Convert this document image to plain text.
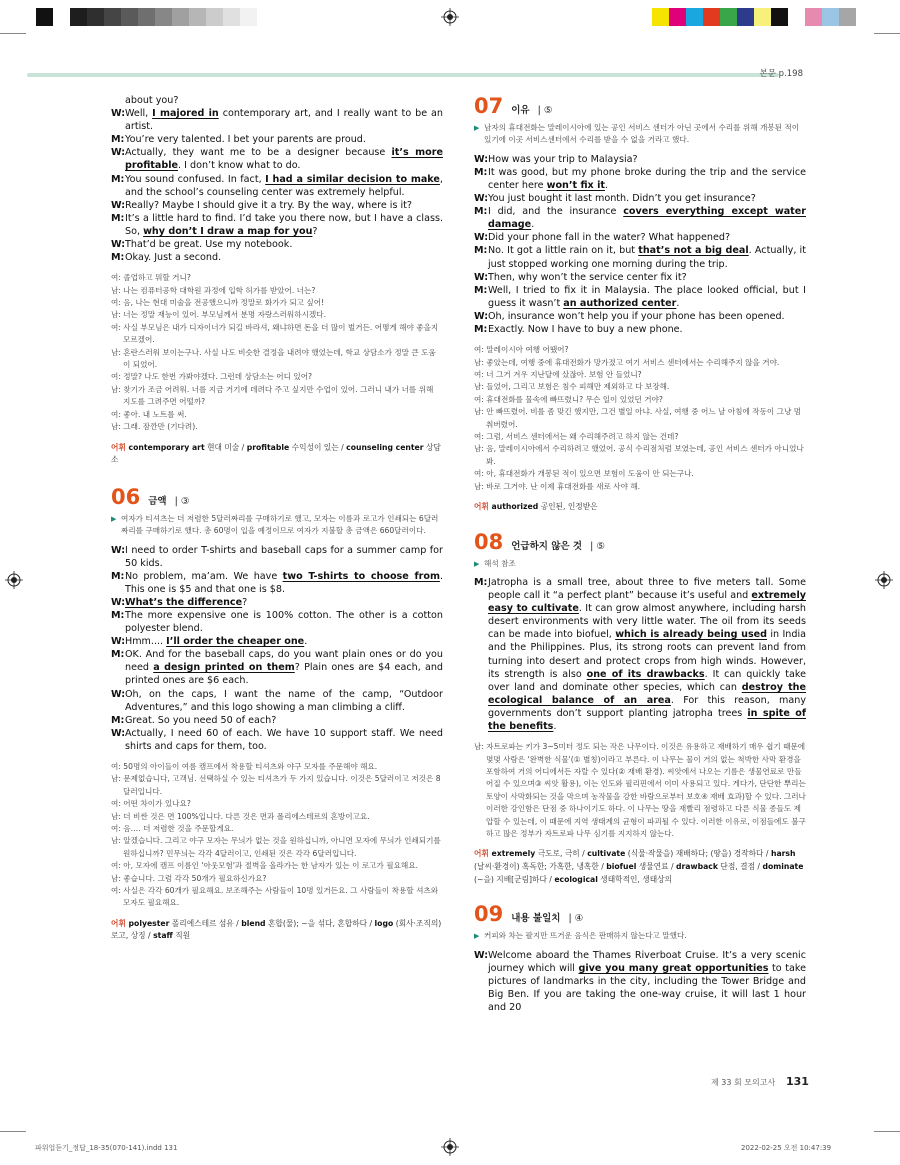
본문 p.198
about you?
W: Well, I majored in contemporary art, and I really want to be an artist.
M: You’re very talented. I bet your parents are proud.
W: Actually, they want me to be a designer because it’s more profitable. I don’t know what to do.
M: You sound confused. In fact, I had a similar decision to make, and the school’s counseling center was extremely helpful.
W: Really? Maybe I should give it a try. By the way, where is it?
M: It’s a little hard to find. I’d take you there now, but I have a class. So, why don’t I draw a map for you?
W: That’d be great. Use my notebook.
M: Okay. Just a second.
여: 졸업하고 뭐할 거니?
남: 나는 컴퓨터공학 대학원 과정에 입학 허가를 받았어. 너는?
여: 음, 나는 현대 미술을 전공했으니까 정말로 화가가 되고 싶어!
남: 너는 정말 재능이 있어. 부모님께서 분명 자랑스러워하시겠다.
여: 사실 부모님은 내가 디자이너가 되길 바라셔, 왜냐하면 돈을 더 많이 벌거든. 어떻게 해야 좋을지 모르겠어.
남: 혼란스러워 보이는구나. 사실 나도 비슷한 결정을 내려야 했었는데, 학교 상담소가 정말 큰 도움이 되었어.
여: 정말? 나도 한번 가봐야겠다. 그런데 상담소는 어디 있어?
남: 찾기가 조금 어려워. 너를 지금 거기에 데려다 주고 싶지만 수업이 있어. 그러니 내가 너를 위해 지도를 그려주면 어떨까?
여: 좋아. 내 노트를 써.
남: 그래. 잠깐만 (기다려).
어휘 contemporary art 현대 미술 / profitable 수익성이 있는 / counseling center 상담소
06 금액 | ③
▶ 여자가 티셔츠는 더 저렴한 5달러짜리를 구매하기로 했고, 모자는 이름과 로고가 인쇄되는 6달러짜리를 구매하기로 했다. 총 60명이 입을 예정이므로 여자가 지불할 총 금액은 660달러이다.
W: I need to order T-shirts and baseball caps for a summer camp for 50 kids.
M: No problem, ma’am. We have two T-shirts to choose from. This one is $5 and that one is $8.
W: What’s the difference?
M: The more expensive one is 100% cotton. The other is a cotton polyester blend.
W: Hmm.... I’ll order the cheaper one.
M: OK. And for the baseball caps, do you want plain ones or do you need a design printed on them? Plain ones are $4 each, and printed ones are $6 each.
W: Oh, on the caps, I want the name of the camp, “Outdoor Adventures,” and this logo showing a man climbing a cliff.
M: Great. So you need 50 of each?
W: Actually, I need 60 of each. We have 10 support staff. We need shirts and caps for them, too.
여: 50명의 아이들이 여름 캠프에서 착용할 티셔츠와 야구 모자를 주문해야 해요.
남: 문제없습니다, 고객님. 선택하실 수 있는 티셔츠가 두 가지 있습니다. 이것은 5달러이고 저것은 8달러입니다.
여: 어떤 차이가 있나요?
남: 더 비싼 것은 면 100%입니다. 다른 것은 면과 폴리에스테르의 혼방이고요.
여: 음…. 더 저렴한 것을 주문할게요.
남: 알겠습니다. 그리고 야구 모자는 무늬가 없는 것을 원하십니까, 아니면 모자에 무늬가 인쇄되기를 원하십니까? 민무늬는 각각 4달러이고, 인쇄된 것은 각각 6달러입니다.
여: 아, 모자에 캠프 이름인 '아웃모험'과 절벽을 올라가는 한 남자가 있는 이 로고가 필요해요.
남: 좋습니다. 그럼 각각 50개가 필요하신가요?
여: 사실은 각각 60개가 필요해요. 보조해주는 사람들이 10명 있거든요. 그 사람들이 착용할 셔츠와 모자도 필요해요.
어휘 polyester 폴리에스테르 섬유 / blend 혼합(물); ~을 섞다, 혼합하다 / logo (회사·조직의) 로고, 상징 / staff 직원
07 이유 | ⑤
▶ 남자의 휴대전화는 말레이시아에 있는 공인 서비스 센터가 아닌 곳에서 수리를 위해 개봉된 적이 있기에 이곳 서비스센터에서 수리를 받을 수 없을 거라고 했다.
W: How was your trip to Malaysia?
M: It was good, but my phone broke during the trip and the service center here won’t fix it.
W: You just bought it last month. Didn’t you get insurance?
M: I did, and the insurance covers everything except water damage.
W: Did your phone fall in the water? What happened?
M: No. It got a little rain on it, but that’s not a big deal. Actually, it just stopped working one morning during the trip.
W: Then, why won’t the service center fix it?
M: Well, I tried to fix it in Malaysia. The place looked official, but I guess it wasn’t an authorized center.
W: Oh, insurance won’t help you if your phone has been opened.
M: Exactly. Now I have to buy a new phone.
여: 말레이시아 여행 어땠어?
남: 좋았는데, 여행 중에 휴대전화가 망가졌고 여기 서비스 센터에서는 수리해주지 않을 거야.
여: 너 그거 겨우 지난달에 샀잖아. 보험 안 들었니?
남: 들었어, 그리고 보험은 침수 피해만 제외하고 다 보장해.
여: 휴대전화를 물속에 빠뜨렸니? 무슨 일이 있었던 거야?
남: 안 빠뜨렸어. 비를 좀 맞긴 했지만, 그건 별일 아냐. 사실, 여행 중 어느 날 아침에 작동이 그냥 멈춰버렸어.
여: 그럼, 서비스 센터에서는 왜 수리해주려고 하지 않는 건데?
남: 음, 말레이시아에서 수리하려고 했었어. 공식 수리점처럼 보였는데, 공인 서비스 센터가 아니었나 봐.
여: 아, 휴대전화가 개봉된 적이 있으면 보험이 도움이 안 되는구나.
남: 바로 그거야. 난 이제 휴대전화를 새로 사야 해.
어휘 authorized 공인된, 인정받은
08 언급하지 않은 것 | ⑤
▶ 해석 참조
M: Jatropha is a small tree, about three to five meters tall. Some people call it “a perfect plant” because it’s useful and extremely easy to cultivate. It can grow almost anywhere, including harsh desert environments with very little water. The oil from its seeds can be made into biofuel, which is already being used in India and the Philippines. Plus, its strong roots can prevent land from turning into desert and protect crops from high winds. However, its strength is also one of its drawbacks. It can quickly take over land and dominate other species, which can destroy the ecological balance of an area. For this reason, many governments don’t support planting jatropha trees in spite of the benefits.
남: 자트로파는 키가 3~5미터 정도 되는 작은 나무이다. 이것은 유용하고 재배하기 매우 쉽기 때문에 몇몇 사람은 '완벽한 식물'(① 별칭)이라고 부른다. 이 나무는 물이 거의 없는 척박한 사막 환경을 포함하여 거의 어디에서든 자랄 수 있다(② 재배 환경). 씨앗에서 나오는 기름은 생물연료로 만들어질 수 있으며③ 씨앗 활용), 이는 인도와 필리핀에서 이미 사용되고 있다. 게다가, 단단한 뿌리는 토양이 사막화되는 것을 막으며 농작물을 강한 바람으로부터 보호④ 재배 효과)할 수 있다. 그러나 이러한 강인함은 단점 중 하나이기도 하다. 이 나무는 땅을 재빨리 점령하고 다른 식물 종들도 제압할 수 있는데, 이 때문에 지역 생태계의 균형이 파괴될 수 있다. 이러한 이유로, 이점들에도 불구하고 많은 정부가 자트로파 나무 심기를 지지하지 않는다.
어휘 extremely 극도로, 극히 / cultivate (식물·작물을) 재배하다; (땅을) 경작하다 / harsh (날씨·환경이) 혹독한; 가혹한, 냉혹한 / biofuel 생물연료 / drawback 단점, 결점 / dominate (~을) 지배[군림]하다 / ecological 생태학적인, 생태상의
09 내용 불일치 | ④
▶ 커피와 차는 팔지만 뜨거운 음식은 판매하지 않는다고 말했다.
W: Welcome aboard the Thames Riverboat Cruise. It’s a very scenic journey which will give you many great opportunities to take pictures of landmarks in the city, including the Tower Bridge and Big Ben. If you are taking the one-way cruise, it will last 1 hour and 20
제 33 회 모의고사 131
파워업듣기_정답_18-35(070-141).indd 131	2022-02-25 오전 10:47:39
